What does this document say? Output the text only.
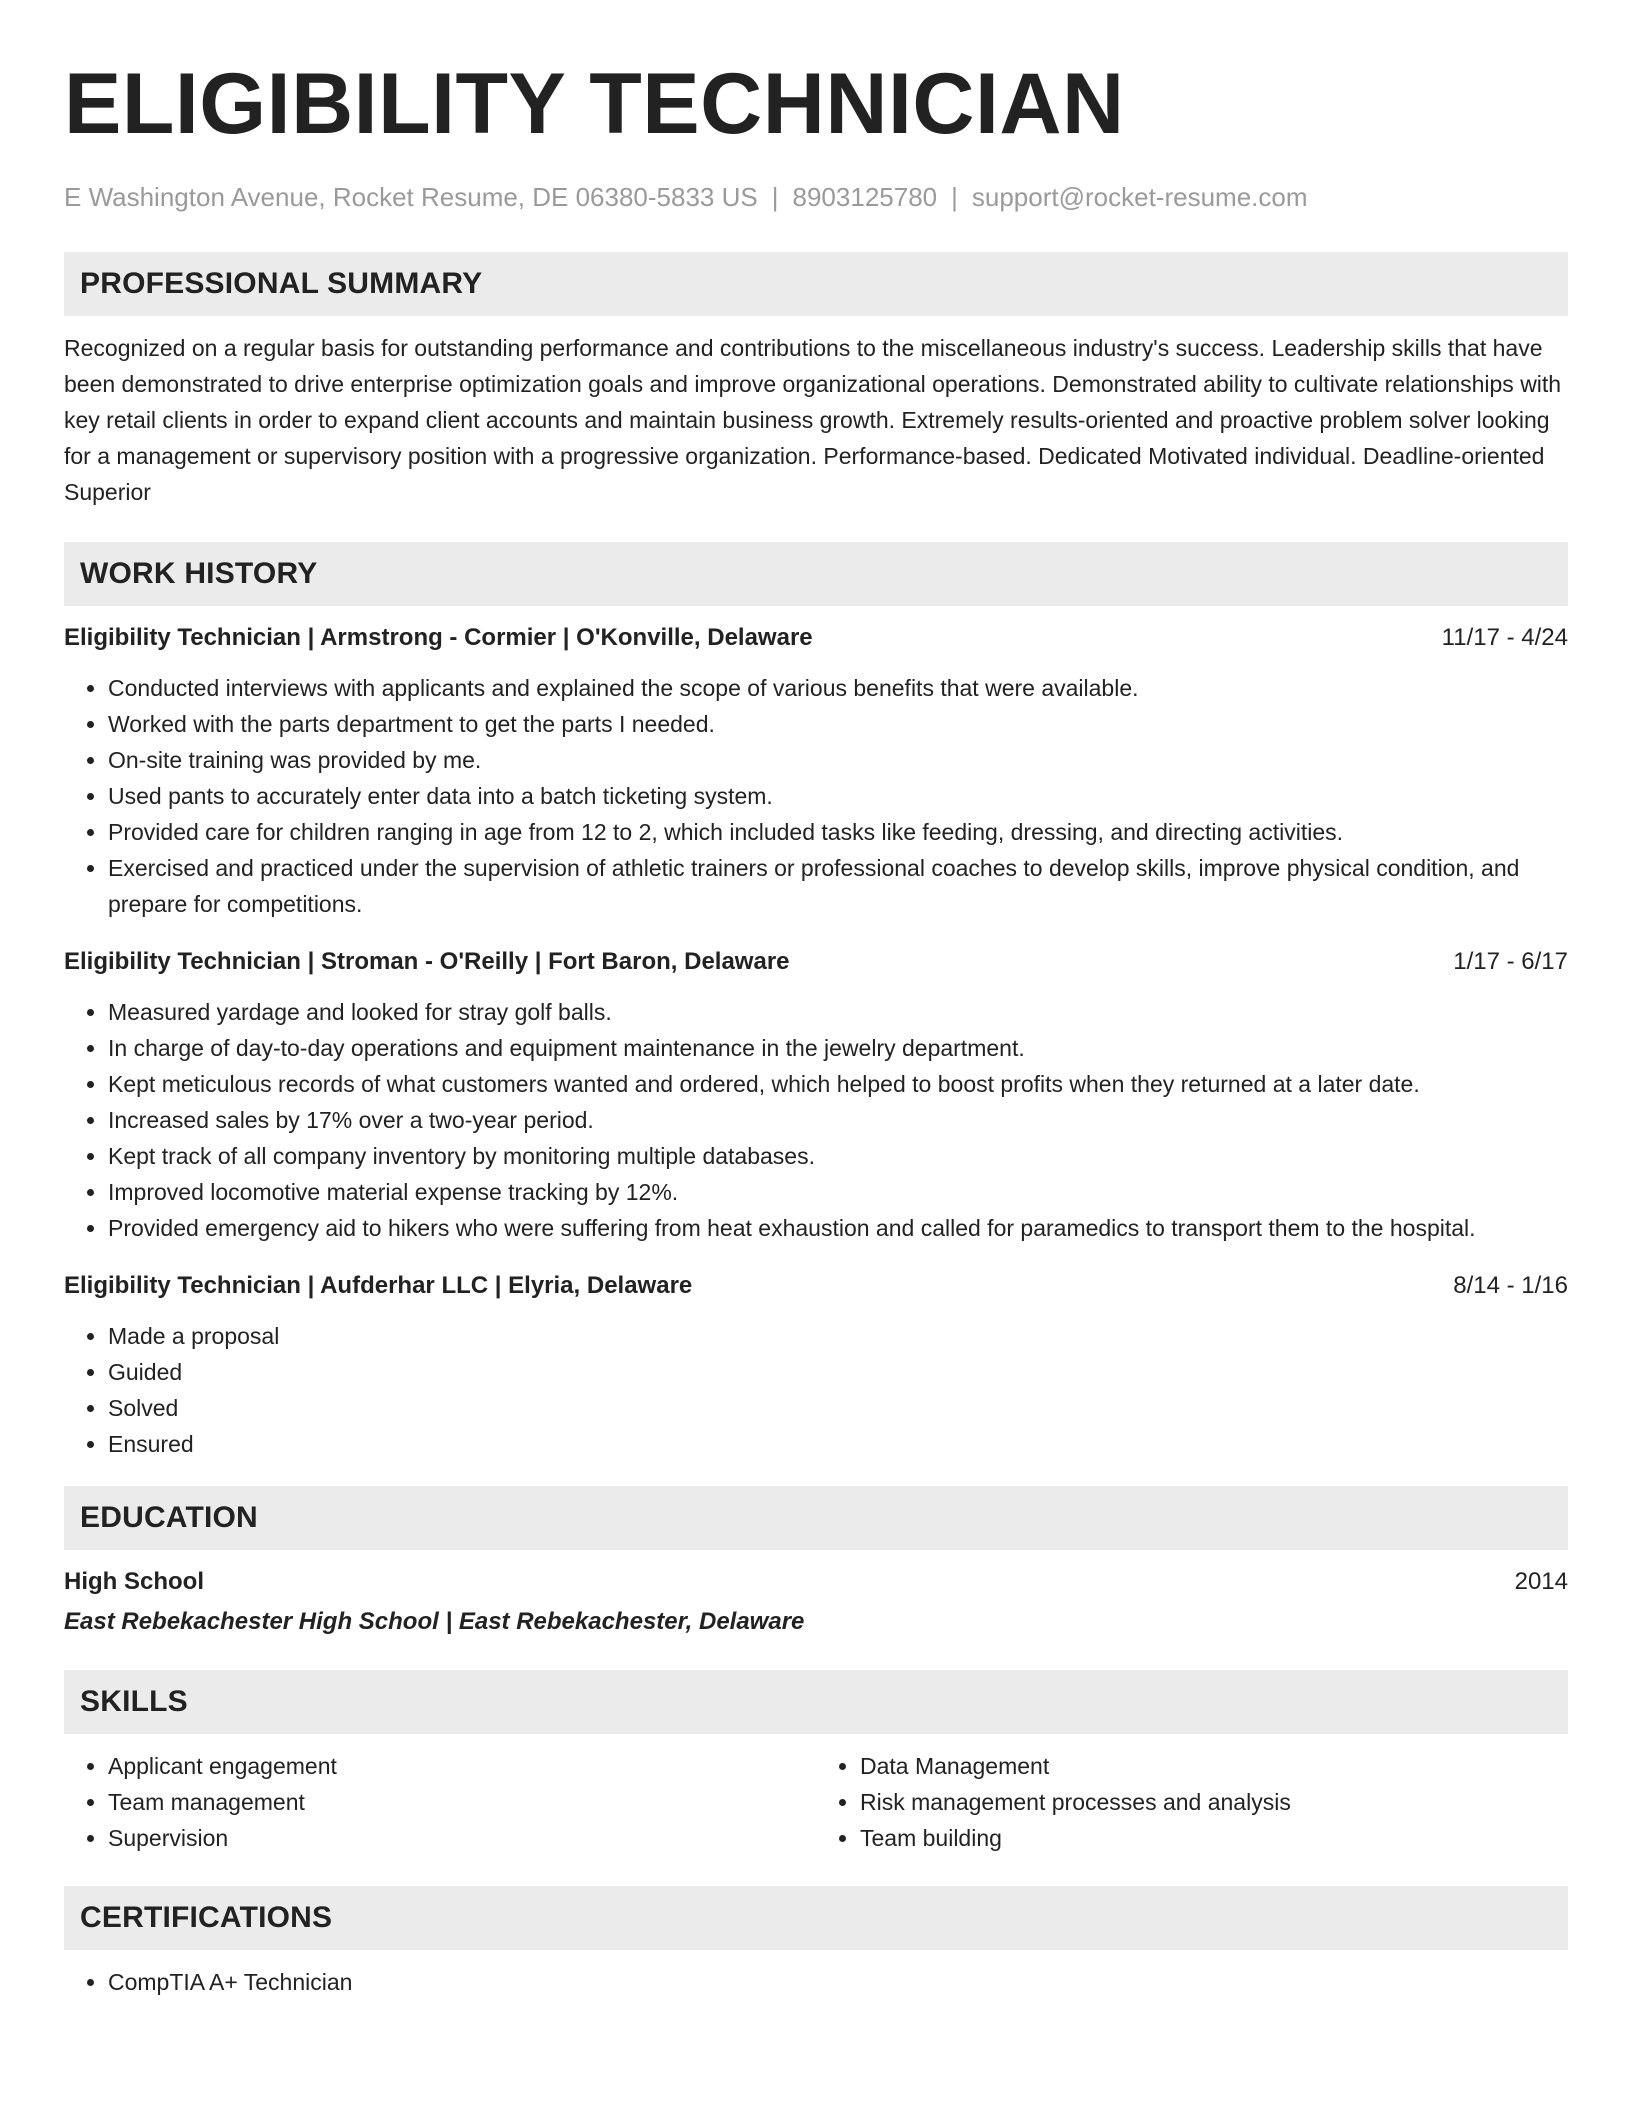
ELIGIBILITY TECHNICIAN
E Washington Avenue, Rocket Resume, DE 06380-5833 US | 8903125780 | support@rocket-resume.com
PROFESSIONAL SUMMARY
Recognized on a regular basis for outstanding performance and contributions to the miscellaneous industry's success. Leadership skills that have been demonstrated to drive enterprise optimization goals and improve organizational operations. Demonstrated ability to cultivate relationships with key retail clients in order to expand client accounts and maintain business growth. Extremely results-oriented and proactive problem solver looking for a management or supervisory position with a progressive organization. Performance-based. Dedicated Motivated individual. Deadline-oriented Superior
WORK HISTORY
Eligibility Technician | Armstrong - Cormier | O'Konville, Delaware	11/17 - 4/24
• Conducted interviews with applicants and explained the scope of various benefits that were available.
• Worked with the parts department to get the parts I needed.
• On-site training was provided by me.
• Used pants to accurately enter data into a batch ticketing system.
• Provided care for children ranging in age from 12 to 2, which included tasks like feeding, dressing, and directing activities.
• Exercised and practiced under the supervision of athletic trainers or professional coaches to develop skills, improve physical condition, and prepare for competitions.
Eligibility Technician | Stroman - O'Reilly | Fort Baron, Delaware	1/17 - 6/17
• Measured yardage and looked for stray golf balls.
• In charge of day-to-day operations and equipment maintenance in the jewelry department.
• Kept meticulous records of what customers wanted and ordered, which helped to boost profits when they returned at a later date.
• Increased sales by 17% over a two-year period.
• Kept track of all company inventory by monitoring multiple databases.
• Improved locomotive material expense tracking by 12%.
• Provided emergency aid to hikers who were suffering from heat exhaustion and called for paramedics to transport them to the hospital.
Eligibility Technician | Aufderhar LLC | Elyria, Delaware	8/14 - 1/16
• Made a proposal
• Guided
• Solved
• Ensured
EDUCATION
High School	2014
East Rebekachester High School | East Rebekachester, Delaware
SKILLS
• Applicant engagement
• Team management
• Supervision
• Data Management
• Risk management processes and analysis
• Team building
CERTIFICATIONS
• CompTIA A+ Technician
